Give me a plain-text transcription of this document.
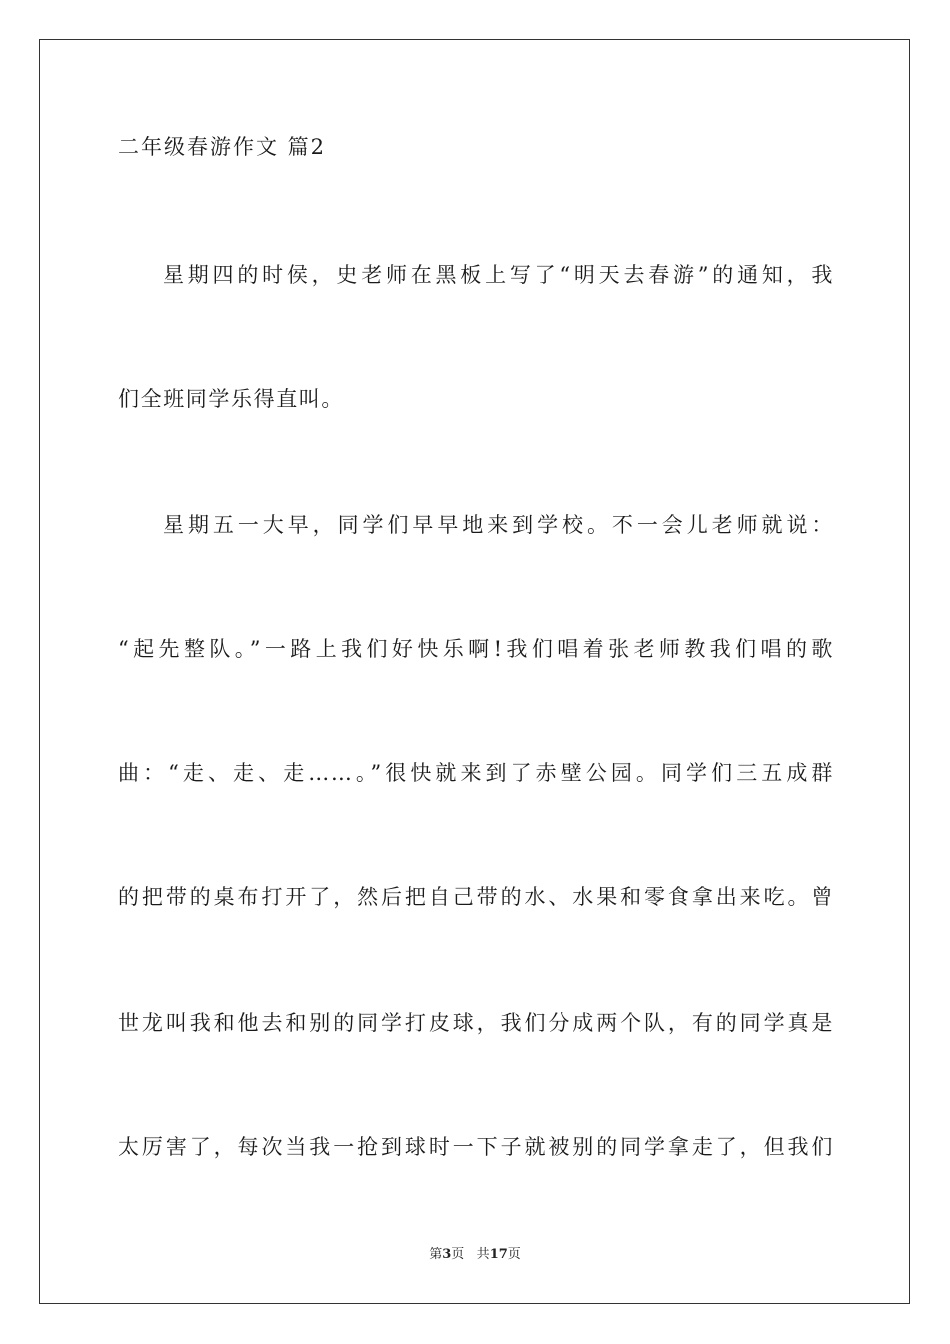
二年级春游作文 篇2
星期四的时侯，史老师在黑板上写了“明天去春游”的通知，我
们全班同学乐得直叫。
星期五一大早，同学们早早地来到学校。不一会儿老师就说：
“起先整队。”一路上我们好快乐啊!我们唱着张老师教我们唱的歌
曲：“走、走、走……。”很快就来到了赤壁公园。同学们三五成群
的把带的桌布打开了，然后把自己带的水、水果和零食拿出来吃。曾
世龙叫我和他去和别的同学打皮球，我们分成两个队，有的同学真是
太厉害了，每次当我一抢到球时一下子就被别的同学拿走了，但我们
第3页 共17页
